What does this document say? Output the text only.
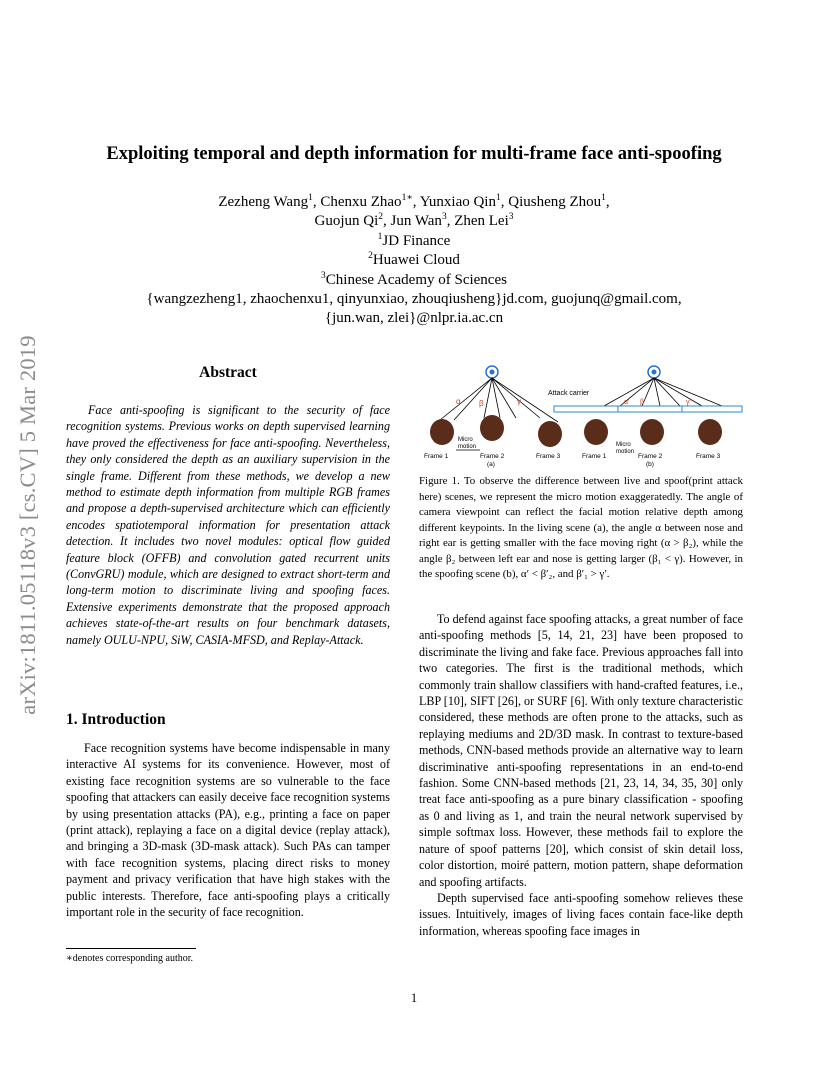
Exploiting temporal and depth information for multi-frame face anti-spoofing
Zezheng Wang$^1$, Chenxu Zhao$^{1∗}$, Yunxiao Qin$^1$, Qiusheng Zhou$^1$,
Guojun Qi$^2$, Jun Wan$^3$, Zhen Lei$^3$
$^1$JD Finance
$^2$Huawei Cloud
$^3$Chinese Academy of Sciences
{wangzezheng1, zhaochenxu1, qinyunxiao, zhouqiusheng}jd.com, guojunq@gmail.com,
{jun.wan, zlei}@nlpr.ia.ac.cn
arXiv:1811.05118v3 [cs.CV] 5 Mar 2019	Abstract

Face anti-spoofing is significant to the security of face recognition systems. Previous works on depth supervised learning have proved the effectiveness for face anti-spoofing. Nevertheless, they only considered the depth as an auxiliary supervision in the single frame. Different from these methods, we develop a new method to estimate depth information from multiple RGB frames and propose a depth-supervised architecture which can efficiently encodes spatiotemporal information for presentation attack detection. It includes two novel modules: optical flow guided feature block (OFFB) and convolution gated recurrent units (ConvGRU) module, which are designed to extract short-term and long-term motion to discriminate living and spoofing faces. Extensive experiments demonstrate that the proposed approach achieves state-of-the-art results on four benchmark datasets, namely OULU-NPU, SiW, CASIA-MFSD, and Replay-Attack.

1. Introduction

Face recognition systems have become indispensable in many interactive AI systems for its convenience. However, most of existing face recognition systems are so vulnerable to the face spoofing that attackers can easily deceive face recognition systems by using presentation attacks (PA), e.g., printing a face on paper (print attack), replaying a face on a digital device (replay attack), and bringing a 3D-mask (3D-mask attack). Such PAs can tamper with face recognition systems, placing direct risks to money payment and privacy verification that have high stakes with the public interests. Therefore, face anti-spoofing plays a critically important role in the security of face recognition.

∗denotes corresponding author.
α β	γ
Micro
motion
Frame 1	Frame 2
(a)
Frame 3
Attack carrier
α' β'	γ'
Micro
motion
Frame 1	Frame 2
(b)
Frame 3

Figure 1. To observe the difference between live and spoof(print attack here) scenes, we represent the micro motion exaggeratedly. The angle of camera viewpoint can reflect the facial motion relative depth among different keypoints. In the living scene (a), the angle α between nose and right ear is getting smaller with the face moving right (α > β₂), while the angle β₂ between left ear and nose is getting larger (β₁ < γ). However, in the spoofing scene (b), α′ < β′₂, and β′₁ > γ′.

To defend against face spoofing attacks, a great number of face anti-spoofing methods [5, 14, 21, 23] have been proposed to discriminate the living and fake face. Previous approaches fall into two categories. The first is the traditional methods, which commonly train shallow classifiers with hand-crafted features, i.e., LBP [10], SIFT [26], or SURF [6]. With only texture characteristic considered, these methods are often prone to the attacks, such as replaying mediums and 2D/3D mask. In contrast to texture-based methods, CNN-based methods provide an alternative way to learn discriminative anti-spoofing representations in an end-to-end fashion. Some CNN-based methods [21, 23, 14, 34, 35, 30] only treat face anti-spoofing as a pure binary classification - spoofing as 0 and living as 1, and train the neural network supervised by simple softmax loss. However, these methods fail to explore the nature of spoof patterns [20], which consist of skin detail loss, color distortion, moiré pattern, motion pattern, shape deformation and spoofing artifacts.

Depth supervised face anti-spoofing somehow relieves these issues. Intuitively, images of living faces contain face-like depth information, whereas spoofing face images in

1
